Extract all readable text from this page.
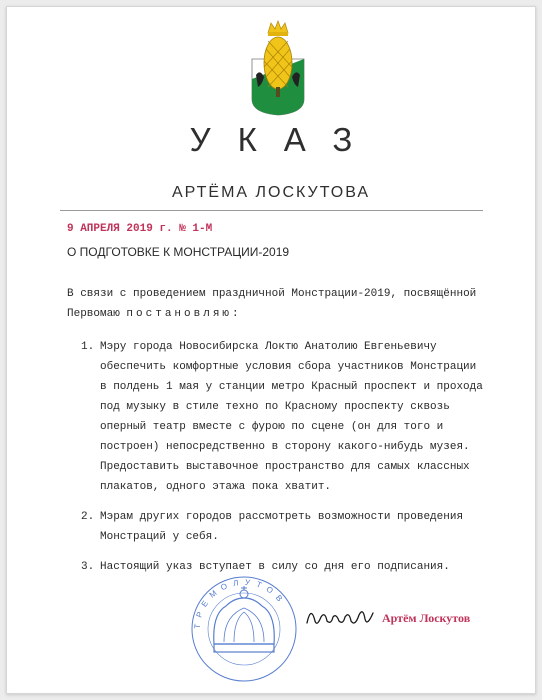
УКАЗ
АРТЁМА ЛОСКУТОВА
9 АПРЕЛЯ 2019 г. № 1-М
О ПОДГОТОВКЕ К МОНСТРАЦИИ-2019
В связи с проведением праздничной Монстрации-2019, посвящённой Первомаю постановляю:
1. Мэру города Новосибирска Локтю Анатолию Евгеньевичу обеспечить комфортные условия сбора участников Монстрации в полдень 1 мая у станции метро Красный проспект и прохода под музыку в стиле техно по Красному проспекту сквозь оперный театр вместе с фурою по сцене (он для того и построен) непосредственно в сторону какого-нибудь музея. Предоставить выставочное пространство для самых классных плакатов, одного этажа пока хватит.
2. Мэрам других городов рассмотреть возможности проведения Монстраций у себя.
3. Настоящий указ вступает в силу со дня его подписания.
ТРЕМОЛУТОВ
Артём Лоскутов
